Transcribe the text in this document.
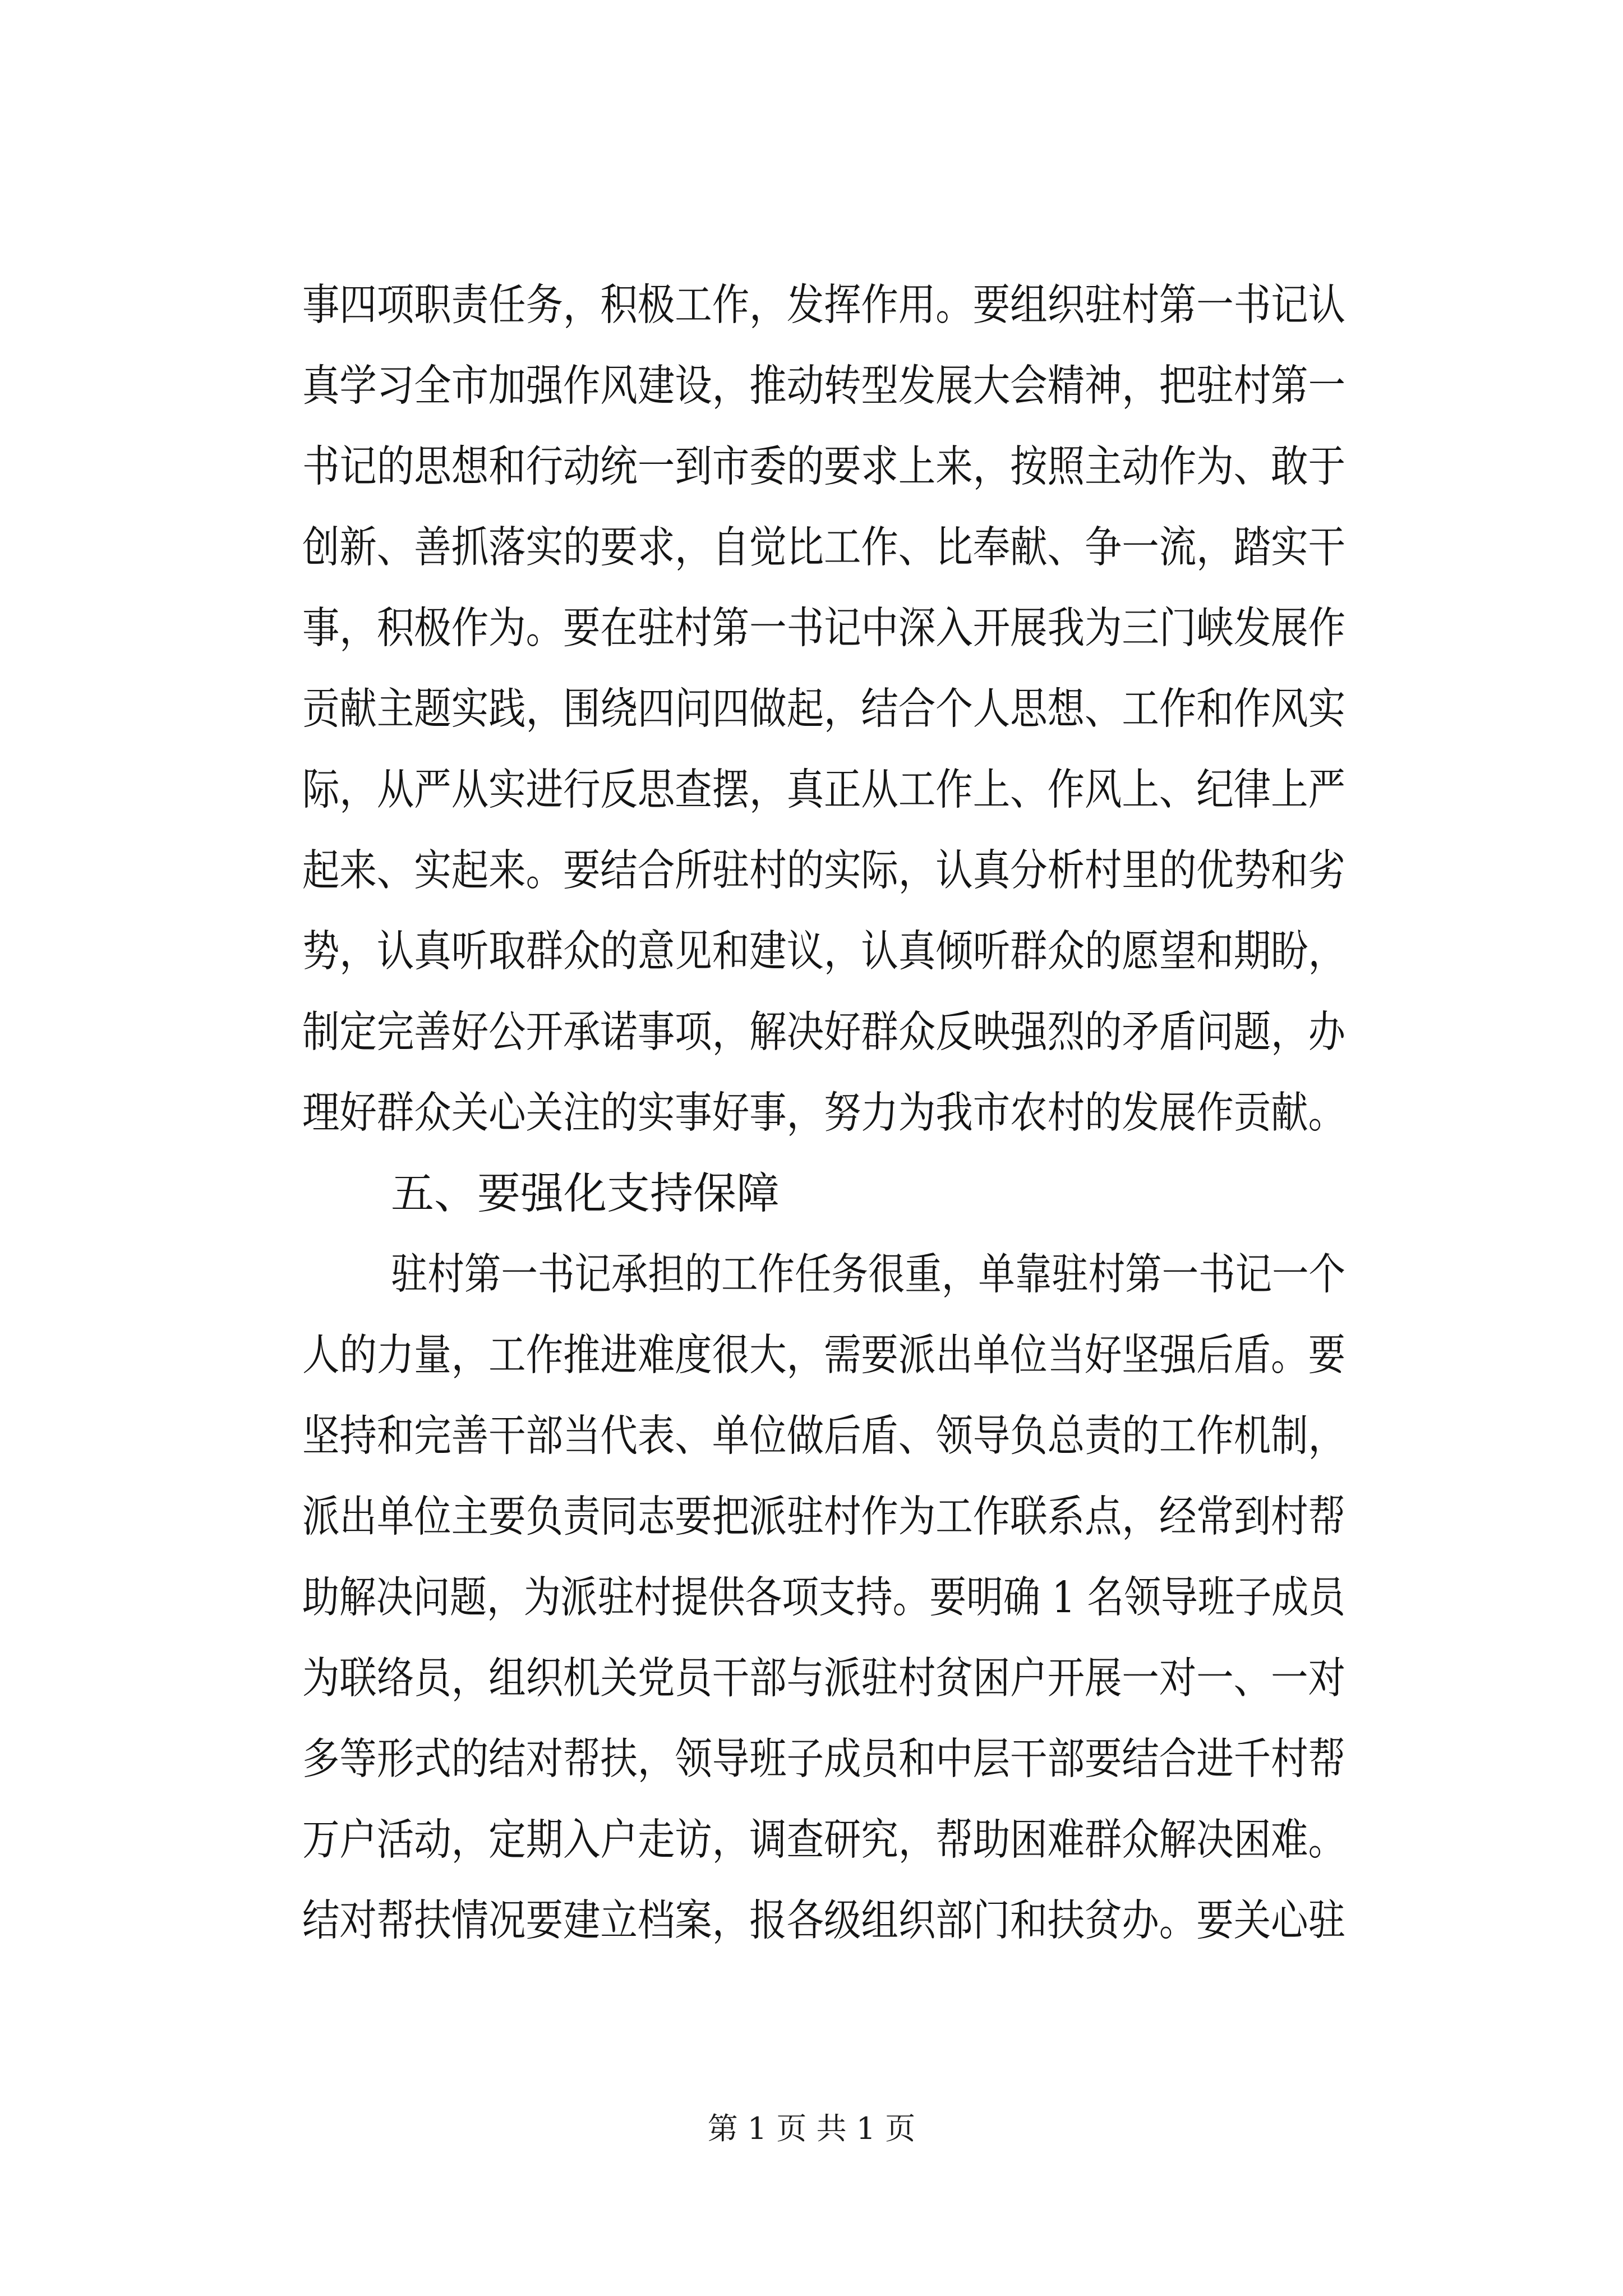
事四项职责任务，积极工作，发挥作用。要组织驻村第一书记认
真学习全市加强作风建设，推动转型发展大会精神，把驻村第一
书记的思想和行动统一到市委的要求上来，按照主动作为、敢于
创新、善抓落实的要求，自觉比工作、比奉献、争一流，踏实干
事，积极作为。要在驻村第一书记中深入开展我为三门峡发展作
贡献主题实践，围绕四问四做起，结合个人思想、工作和作风实
际，从严从实进行反思查摆，真正从工作上、作风上、纪律上严
起来、实起来。要结合所驻村的实际，认真分析村里的优势和劣
势，认真听取群众的意见和建议，认真倾听群众的愿望和期盼，
制定完善好公开承诺事项，解决好群众反映强烈的矛盾问题，办
理好群众关心关注的实事好事，努力为我市农村的发展作贡献。
五、要强化支持保障
驻村第一书记承担的工作任务很重，单靠驻村第一书记一个
人的力量，工作推进难度很大，需要派出单位当好坚强后盾。要
坚持和完善干部当代表、单位做后盾、领导负总责的工作机制，
派出单位主要负责同志要把派驻村作为工作联系点，经常到村帮
助解决问题，为派驻村提供各项支持。要明确 1 名领导班子成员
为联络员，组织机关党员干部与派驻村贫困户开展一对一、一对
多等形式的结对帮扶，领导班子成员和中层干部要结合进千村帮
万户活动，定期入户走访，调查研究，帮助困难群众解决困难。
结对帮扶情况要建立档案，报各级组织部门和扶贫办。要关心驻
第 1 页 共 1 页
